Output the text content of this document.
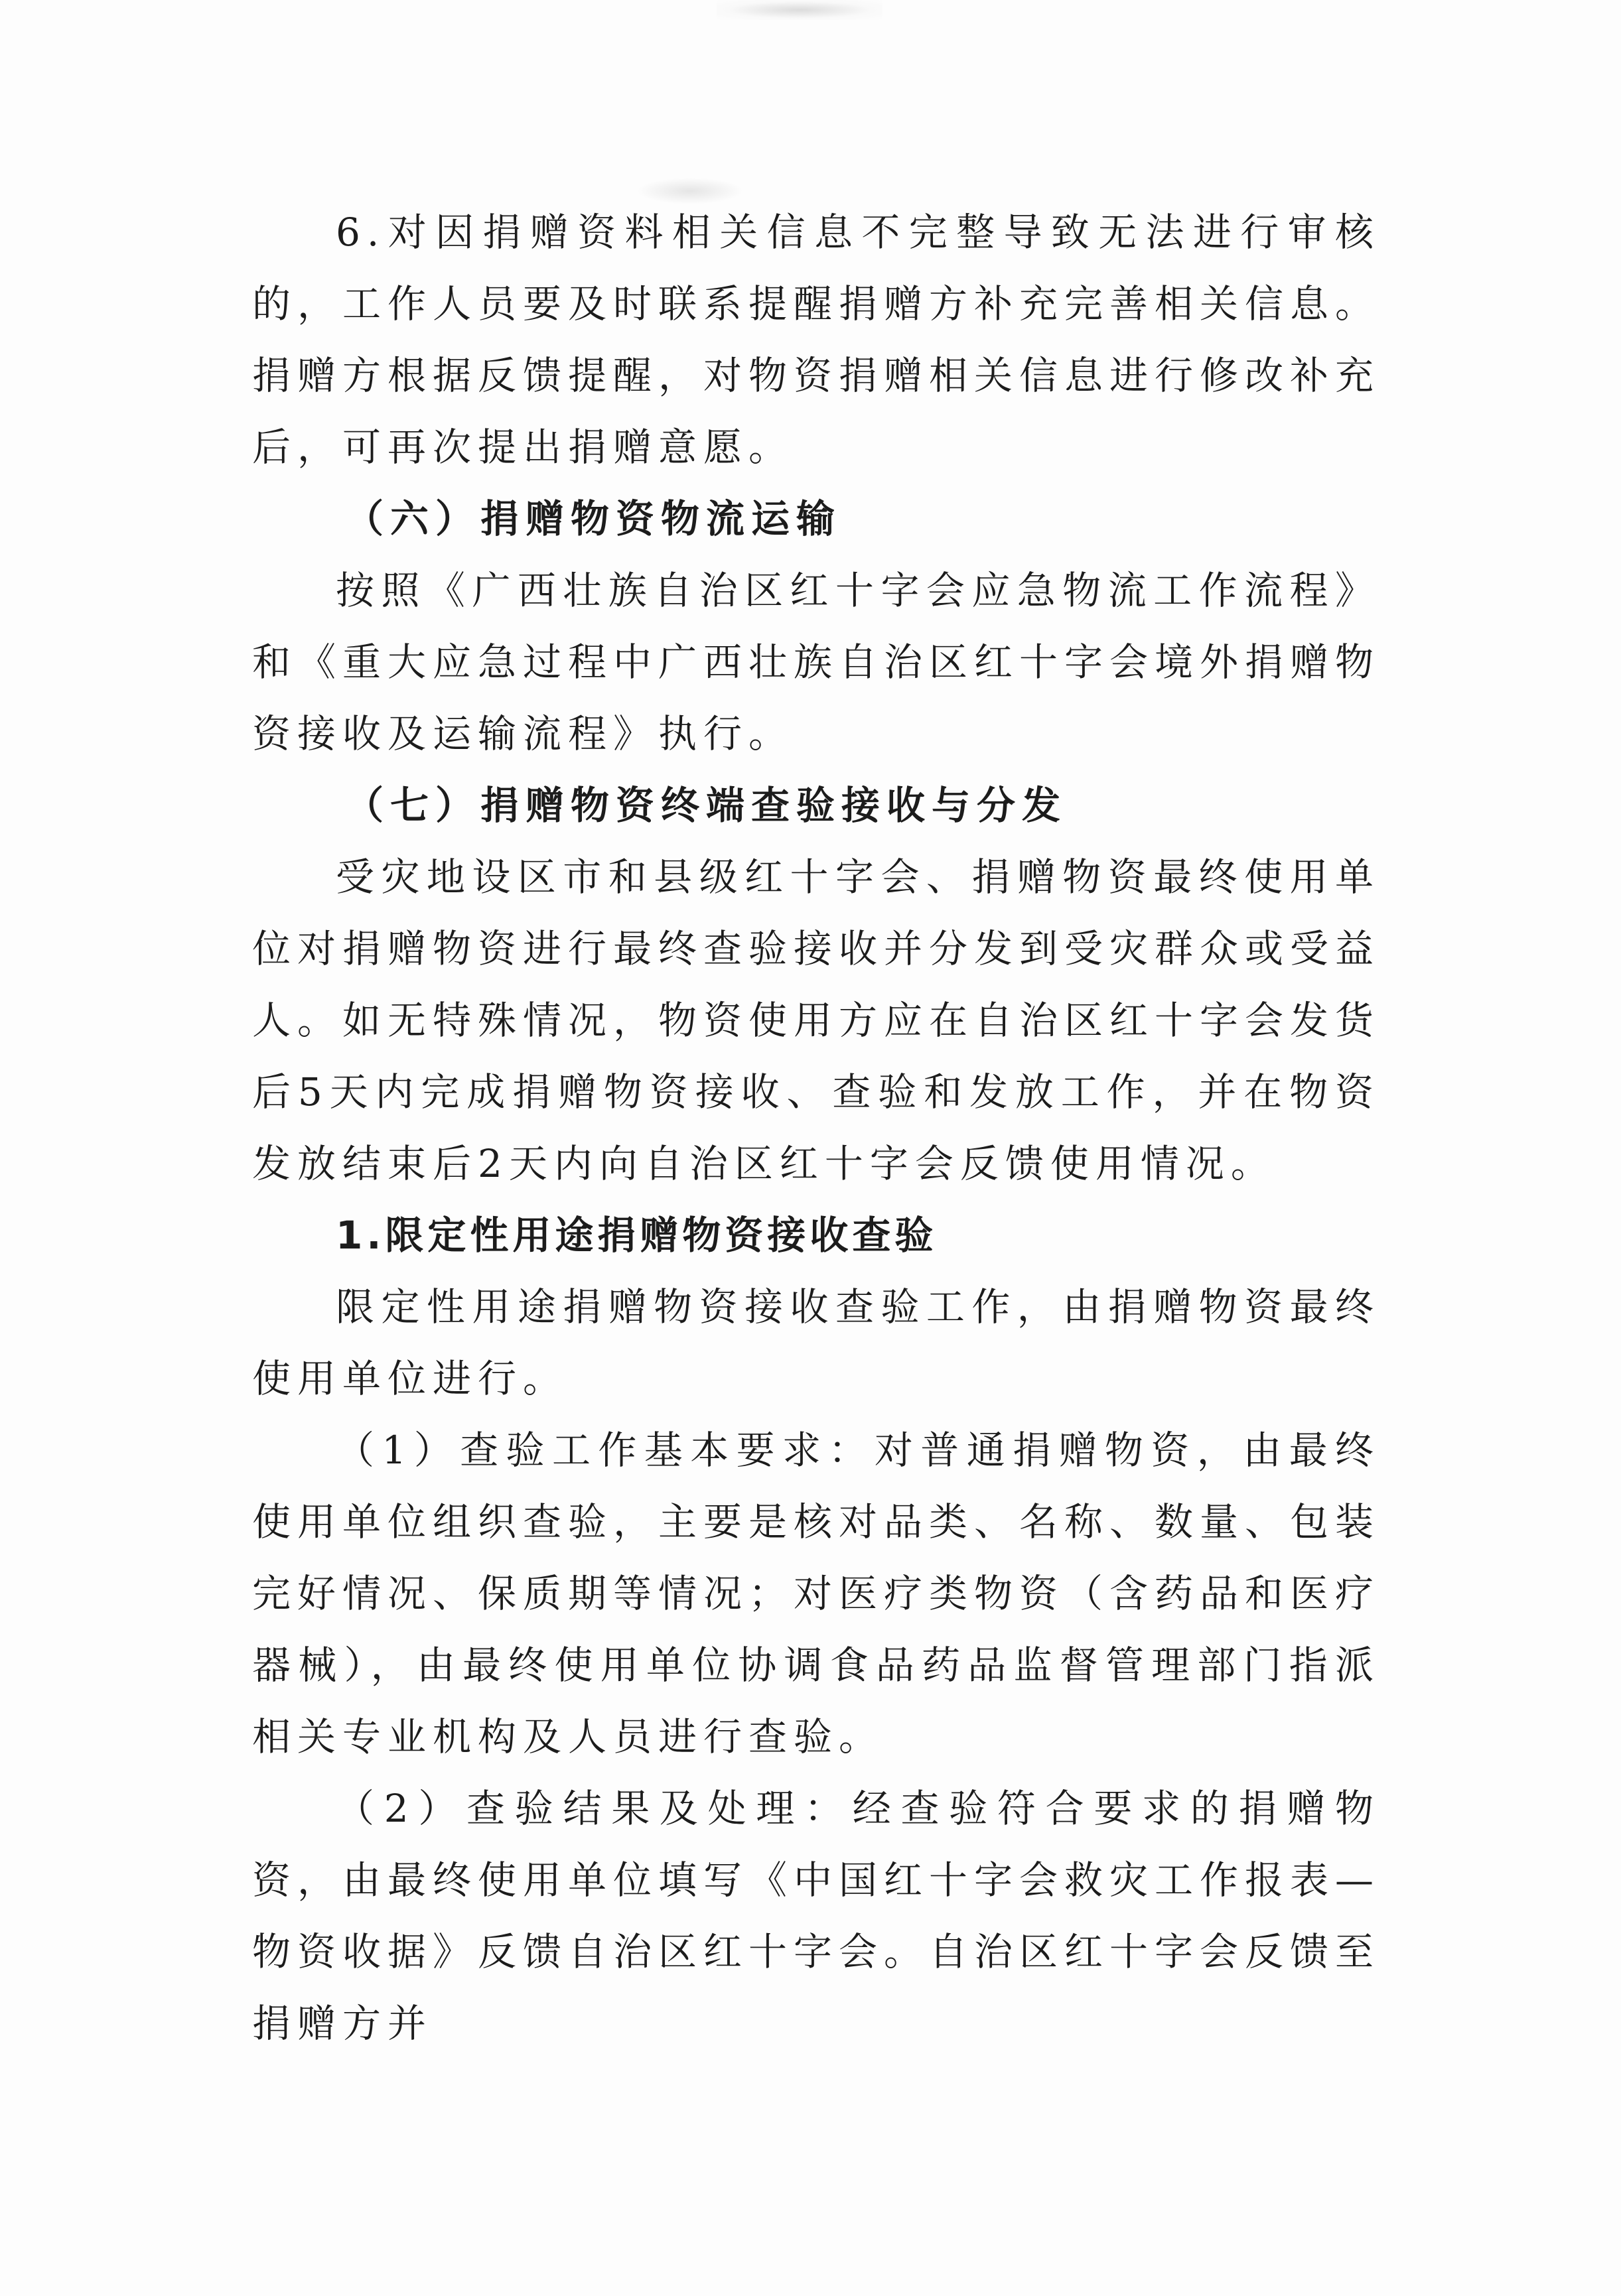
6.对因捐赠资料相关信息不完整导致无法进行审核的，工作人员要及时联系提醒捐赠方补充完善相关信息。捐赠方根据反馈提醒，对物资捐赠相关信息进行修改补充后，可再次提出捐赠意愿。

（六）捐赠物资物流运输

按照《广西壮族自治区红十字会应急物流工作流程》和《重大应急过程中广西壮族自治区红十字会境外捐赠物资接收及运输流程》执行。

（七）捐赠物资终端查验接收与分发

受灾地设区市和县级红十字会、捐赠物资最终使用单位对捐赠物资进行最终查验接收并分发到受灾群众或受益人。如无特殊情况，物资使用方应在自治区红十字会发货后5天内完成捐赠物资接收、查验和发放工作，并在物资发放结束后2天内向自治区红十字会反馈使用情况。

1.限定性用途捐赠物资接收查验

限定性用途捐赠物资接收查验工作，由捐赠物资最终使用单位进行。

（1）查验工作基本要求：对普通捐赠物资，由最终使用单位组织查验，主要是核对品类、名称、数量、包装完好情况、保质期等情况；对医疗类物资（含药品和医疗器械），由最终使用单位协调食品药品监督管理部门指派相关专业机构及人员进行查验。

（2）查验结果及处理：经查验符合要求的捐赠物资，由最终使用单位填写《中国红十字会救灾工作报表—物资收据》反馈自治区红十字会。自治区红十字会反馈至捐赠方并
